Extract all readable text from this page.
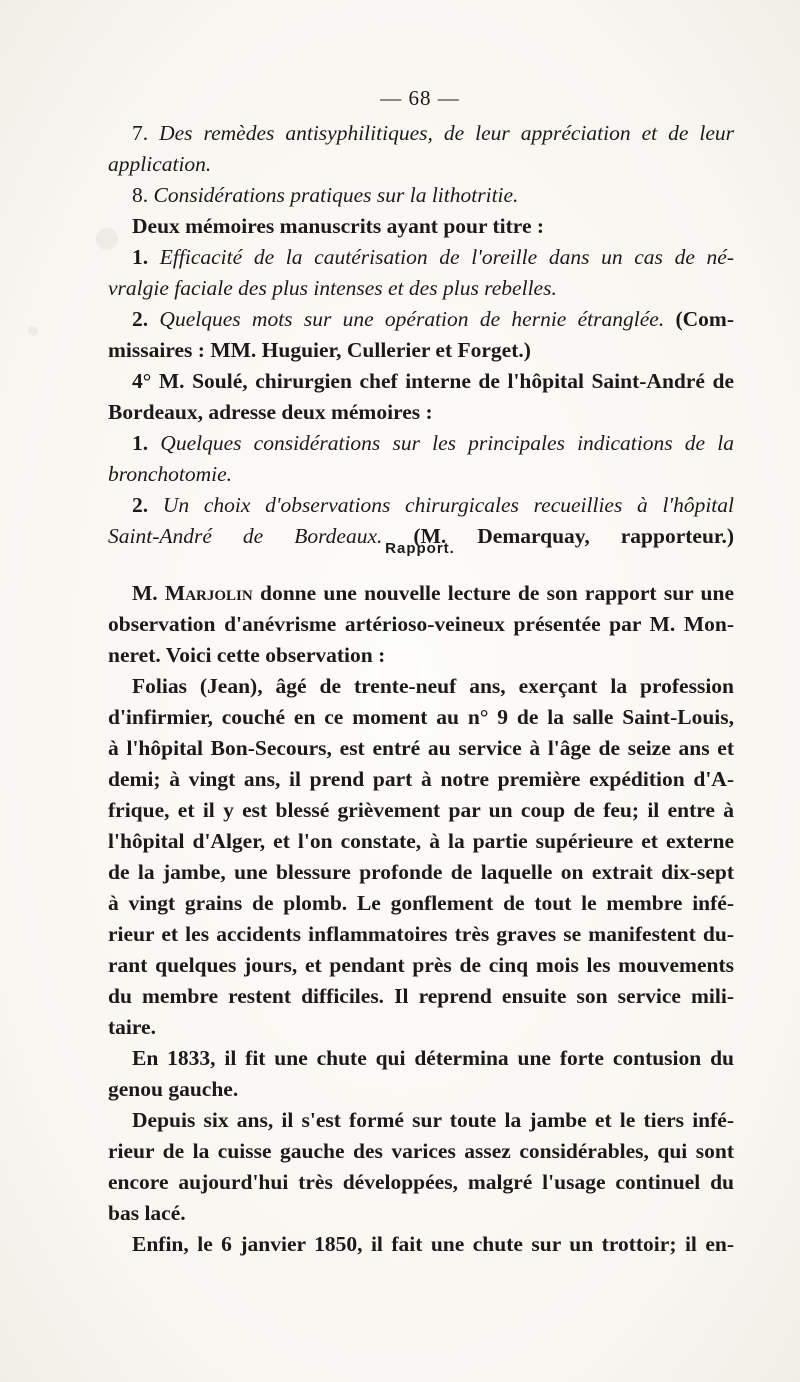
— 68 —
7. Des remèdes antisyphilitiques, de leur appréciation et de leur
application.
8. Considérations pratiques sur la lithotritie.
Deux mémoires manuscrits ayant pour titre :
1. Efficacité de la cautérisation de l'oreille dans un cas de né-
vralgie faciale des plus intenses et des plus rebelles.
2. Quelques mots sur une opération de hernie étranglée. (Com-
missaires : MM. Huguier, Cullerier et Forget.)
4° M. Soulé, chirurgien chef interne de l'hôpital Saint-André de
Bordeaux, adresse deux mémoires :
1. Quelques considérations sur les principales indications de la
bronchotomie.
2. Un choix d'observations chirurgicales recueillies à l'hôpital
Saint-André de Bordeaux. (M. Demarquay, rapporteur.)
Rapport.
M. Marjolin donne une nouvelle lecture de son rapport sur une
observation d'anévrisme artérioso-veineux présentée par M. Mon-
neret. Voici cette observation :
Folias (Jean), âgé de trente-neuf ans, exerçant la profession
d'infirmier, couché en ce moment au n° 9 de la salle Saint-Louis,
à l'hôpital Bon-Secours, est entré au service à l'âge de seize ans et
demi; à vingt ans, il prend part à notre première expédition d'A-
frique, et il y est blessé grièvement par un coup de feu; il entre à
l'hôpital d'Alger, et l'on constate, à la partie supérieure et externe
de la jambe, une blessure profonde de laquelle on extrait dix-sept
à vingt grains de plomb. Le gonflement de tout le membre infé-
rieur et les accidents inflammatoires très graves se manifestent du-
rant quelques jours, et pendant près de cinq mois les mouvements
du membre restent difficiles. Il reprend ensuite son service mili-
taire.
En 1833, il fit une chute qui détermina une forte contusion du
genou gauche.
Depuis six ans, il s'est formé sur toute la jambe et le tiers infé-
rieur de la cuisse gauche des varices assez considérables, qui sont
encore aujourd'hui très développées, malgré l'usage continuel du
bas lacé.
Enfin, le 6 janvier 1850, il fait une chute sur un trottoir; il en-
